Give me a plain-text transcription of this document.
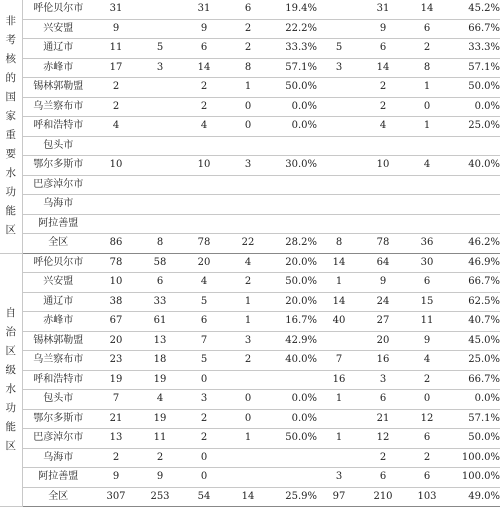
非考核的国家重要水功能区	呼伦贝尔市	31		31	6	19.4%		31	14	45.2%
	兴安盟	9		9	2	22.2%		9	6	66.7%
	通辽市	11	5	6	2	33.3%	5	6	2	33.3%
	赤峰市	17	3	14	8	57.1%	3	14	8	57.1%
	锡林郭勒盟	2		2	1	50.0%		2	1	50.0%
	乌兰察布市	2		2	0	0.0%		2	0	0.0%
	呼和浩特市	4		4	0	0.0%		4	1	25.0%
	包头市									
	鄂尔多斯市	10		10	3	30.0%		10	4	40.0%
	巴彦淖尔市									
	乌海市									
	阿拉善盟									
	全区	86	8	78	22	28.2%	8	78	36	46.2%

自治区级水功能区	呼伦贝尔市	78	58	20	4	20.0%	14	64	30	46.9%
	兴安盟	10	6	4	2	50.0%	1	9	6	66.7%
	通辽市	38	33	5	1	20.0%	14	24	15	62.5%
	赤峰市	67	61	6	1	16.7%	40	27	11	40.7%
	锡林郭勒盟	20	13	7	3	42.9%		20	9	45.0%
	乌兰察布市	23	18	5	2	40.0%	7	16	4	25.0%
	呼和浩特市	19	19	0			16	3	2	66.7%
	包头市	7	4	3	0	0.0%	1	6	0	0.0%
	鄂尔多斯市	21	19	2	0	0.0%		21	12	57.1%
	巴彦淖尔市	13	11	2	1	50.0%	1	12	6	50.0%
	乌海市	2	2	0				2	2	100.0%
	阿拉善盟	9	9	0			3	6	6	100.0%
	全区	307	253	54	14	25.9%	97	210	103	49.0%
